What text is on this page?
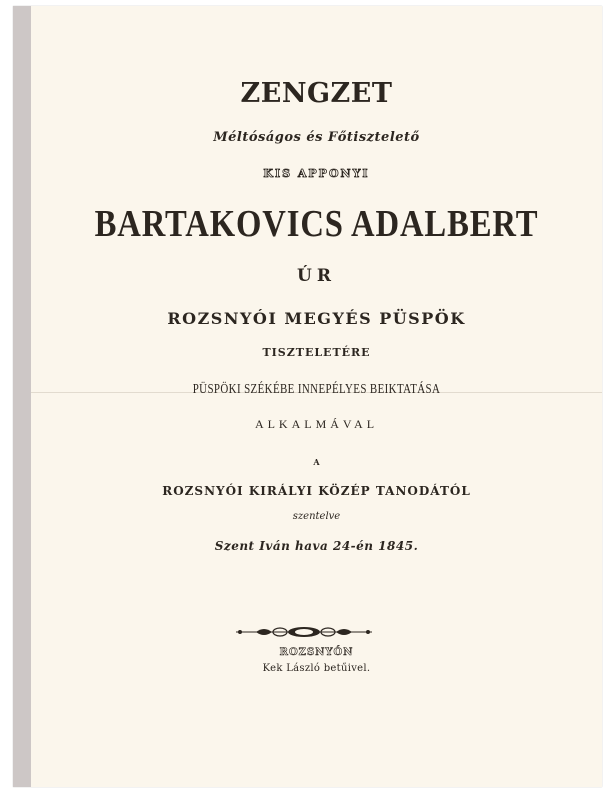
ZENGZET
Méltóságos és Főtisztelető
KIS APPONYI
BARTAKOVICS ADALBERT
ÚR
ROZSNYÓI MEGYÉS PÜSPÖK
TISZTELETÉRE
PÜSPÖKI SZÉKÉBE INNEPÉLYES BEIKTATÁSA
ALKALMÁVAL
A
ROZSNYÓI KIRÁLYI KÖZÉP TANODÁTÓL
szentelve
Szent Iván hava 24-én 1845.
ROZSNYÓN
Kek László betűivel.
